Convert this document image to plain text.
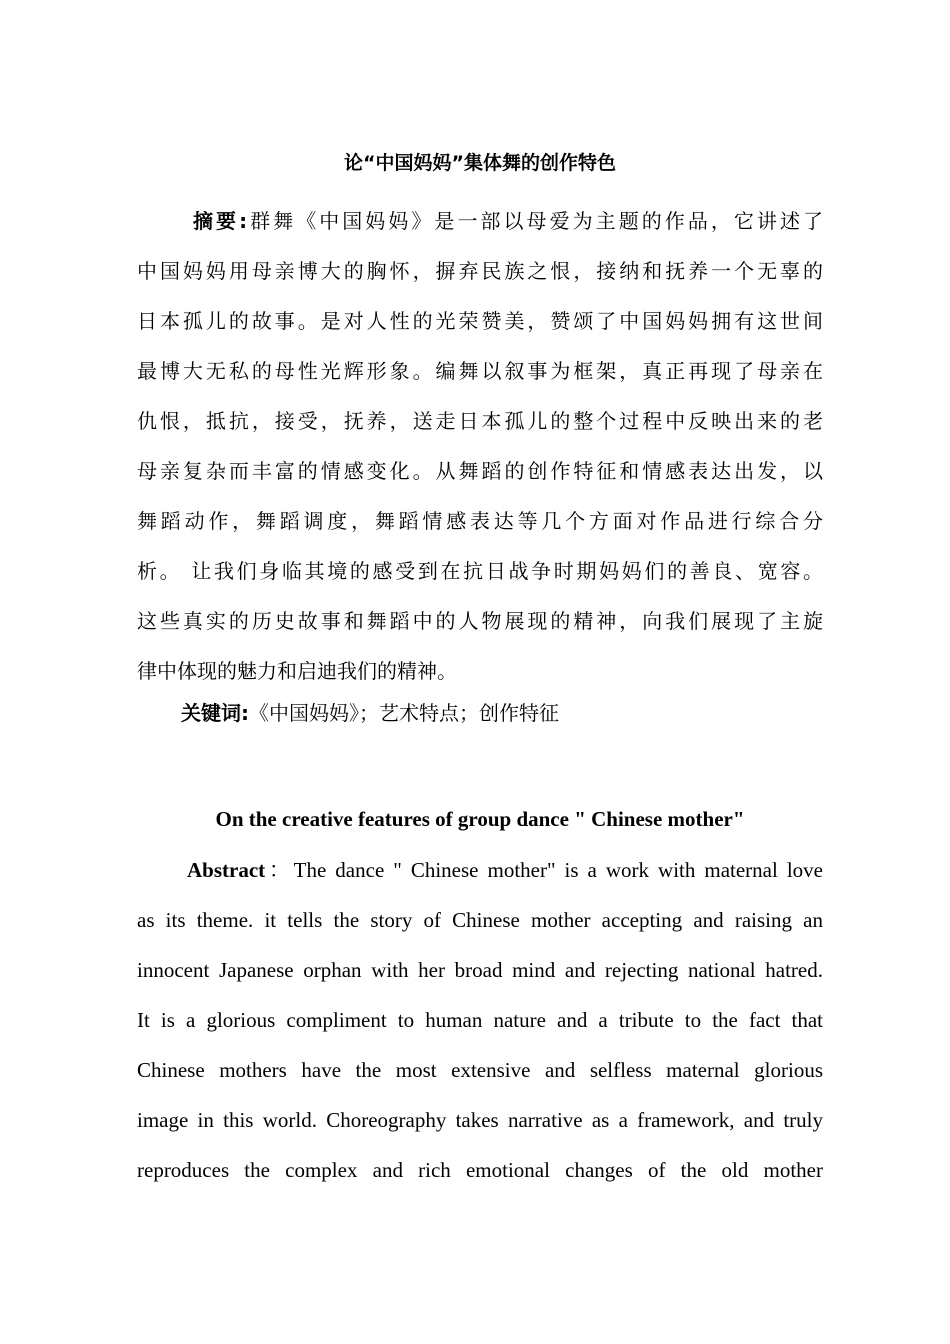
论“中国妈妈”集体舞的创作特色
摘要:群舞《中国妈妈》是一部以母爱为主题的作品，它讲述了
中国妈妈用母亲博大的胸怀，摒弃民族之恨，接纳和抚养一个无辜的
日本孤儿的故事。是对人性的光荣赞美，赞颂了中国妈妈拥有这世间
最博大无私的母性光辉形象。编舞以叙事为框架，真正再现了母亲在
仇恨，抵抗，接受，抚养，送走日本孤儿的整个过程中反映出来的老
母亲复杂而丰富的情感变化。从舞蹈的创作特征和情感表达出发，以
舞蹈动作，舞蹈调度，舞蹈情感表达等几个方面对作品进行综合分
析。 让我们身临其境的感受到在抗日战争时期妈妈们的善良、宽容。
这些真实的历史故事和舞蹈中的人物展现的精神，向我们展现了主旋
律中体现的魅力和启迪我们的精神。
关键词:《中国妈妈》；艺术特点；创作特征
On the creative features of group dance " Chinese mother"
Abstract：The dance " Chinese mother" is a work with maternal love
as its theme. it tells the story of Chinese mother accepting and raising an
innocent Japanese orphan with her broad mind and rejecting national hatred.
It is a glorious compliment to human nature and a tribute to the fact that
Chinese mothers have the most extensive and selfless maternal glorious
image in this world. Choreography takes narrative as a framework, and truly
reproduces the complex and rich emotional changes of the old mother
